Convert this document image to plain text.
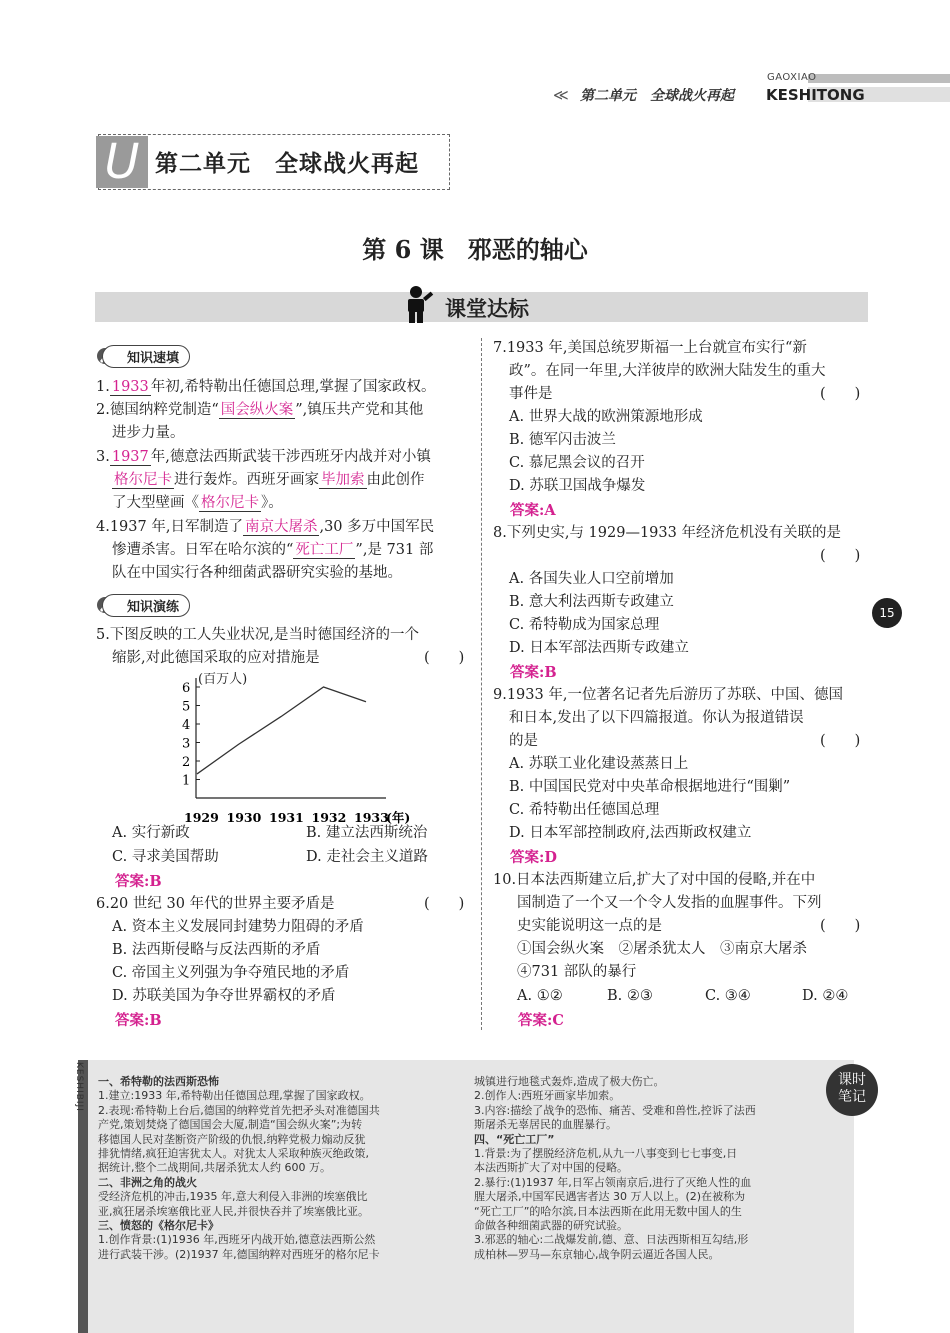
≪ 第二单元　全球战火再起
GAOXIAO
KESHITONG
U 第二单元　全球战火再起
第 6 课　邪恶的轴心
课堂达标
知识速填
1. 1933 年初,希特勒出任德国总理,掌握了国家政权。
2.德国纳粹党制造“ 国会纵火案 ”,镇压共产党和其他
进步力量。
3. 1937 年,德意法西斯武装干涉西班牙内战并对小镇
格尔尼卡 进行轰炸。西班牙画家 毕加索 由此创作
了大型壁画《 格尔尼卡 》。
4.1937 年,日军制造了 南京大屠杀 ,30 多万中国军民
惨遭杀害。日军在哈尔滨的“ 死亡工厂 ”,是 731 部
队在中国实行各种细菌武器研究实验的基地。
知识演练
5.下图反映的工人失业状况,是当时德国经济的一个
缩影,对此德国采取的应对措施是	(　　)
(百万人)
1
2
3
4
5
6
1929 1930 1931 1932 1933
(年)
A. 实行新政	B. 建立法西斯统治
C. 寻求美国帮助	D. 走社会主义道路
答案:B
6.20 世纪 30 年代的世界主要矛盾是	(　　)
A. 资本主义发展同封建势力阻碍的矛盾
B. 法西斯侵略与反法西斯的矛盾
C. 帝国主义列强为争夺殖民地的矛盾
D. 苏联美国为争夺世界霸权的矛盾
答案:B
7.1933 年,美国总统罗斯福一上台就宣布实行“新
政”。在同一年里,大洋彼岸的欧洲大陆发生的重大
事件是	(　　)
A. 世界大战的欧洲策源地形成
B. 德军闪击波兰
C. 慕尼黑会议的召开
D. 苏联卫国战争爆发
答案:A
8.下列史实,与 1929—1933 年经济危机没有关联的是
(　　)
A. 各国失业人口空前增加
B. 意大利法西斯专政建立
C. 希特勒成为国家总理
D. 日本军部法西斯专政建立
答案:B
15
9.1933 年,一位著名记者先后游历了苏联、中国、德国
和日本,发出了以下四篇报道。你认为报道错误
的是	(　　)
A. 苏联工业化建设蒸蒸日上
B. 中国国民党对中央革命根据地进行“围剿”
C. 希特勒出任德国总理
D. 日本军部控制政府,法西斯政权建立
答案:D
10.日本法西斯建立后,扩大了对中国的侵略,并在中
国制造了一个又一个令人发指的血腥事件。下列
史实能说明这一点的是	(　　)
①国会纵火案　②屠杀犹太人　③南京大屠杀
④731 部队的暴行
A. ①②	B. ②③	C. ③④	D. ②④
答案:C
KESHIBIJI	课时
笔记
一、希特勒的法西斯恐怖
1.建立:1933 年,希特勒出任德国总理,掌握了国家政权。
2.表现:希特勒上台后,德国的纳粹党首先把矛头对准德国共
产党,策划焚烧了德国国会大厦,制造“国会纵火案”;为转
移德国人民对垄断资产阶级的仇恨,纳粹党极力煽动反犹
排犹情绪,疯狂迫害犹太人。对犹太人采取种族灭绝政策,
据统计,整个二战期间,共屠杀犹太人约 600 万。
二、非洲之角的战火
受经济危机的冲击,1935 年,意大利侵入非洲的埃塞俄比
亚,疯狂屠杀埃塞俄比亚人民,并很快吞并了埃塞俄比亚。
三、愤怒的《格尔尼卡》
1.创作背景:(1)1936 年,西班牙内战开始,德意法西斯公然
进行武装干涉。(2)1937 年,德国纳粹对西班牙的格尔尼卡
城镇进行地毯式轰炸,造成了极大伤亡。
2.创作人:西班牙画家毕加索。
3.内容:描绘了战争的恐怖、痛苦、受难和兽性,控诉了法西
斯屠杀无辜居民的血腥暴行。
四、“死亡工厂”
1.背景:为了摆脱经济危机,从九一八事变到七七事变,日
本法西斯扩大了对中国的侵略。
2.暴行:(1)1937 年,日军占领南京后,进行了灭绝人性的血
腥大屠杀,中国军民遇害者达 30 万人以上。(2)在被称为
“死亡工厂”的哈尔滨,日本法西斯在此用无数中国人的生
命做各种细菌武器的研究试验。
3.邪恶的轴心:二战爆发前,德、意、日法西斯相互勾结,形
成柏林—罗马—东京轴心,战争阴云逼近各国人民。
